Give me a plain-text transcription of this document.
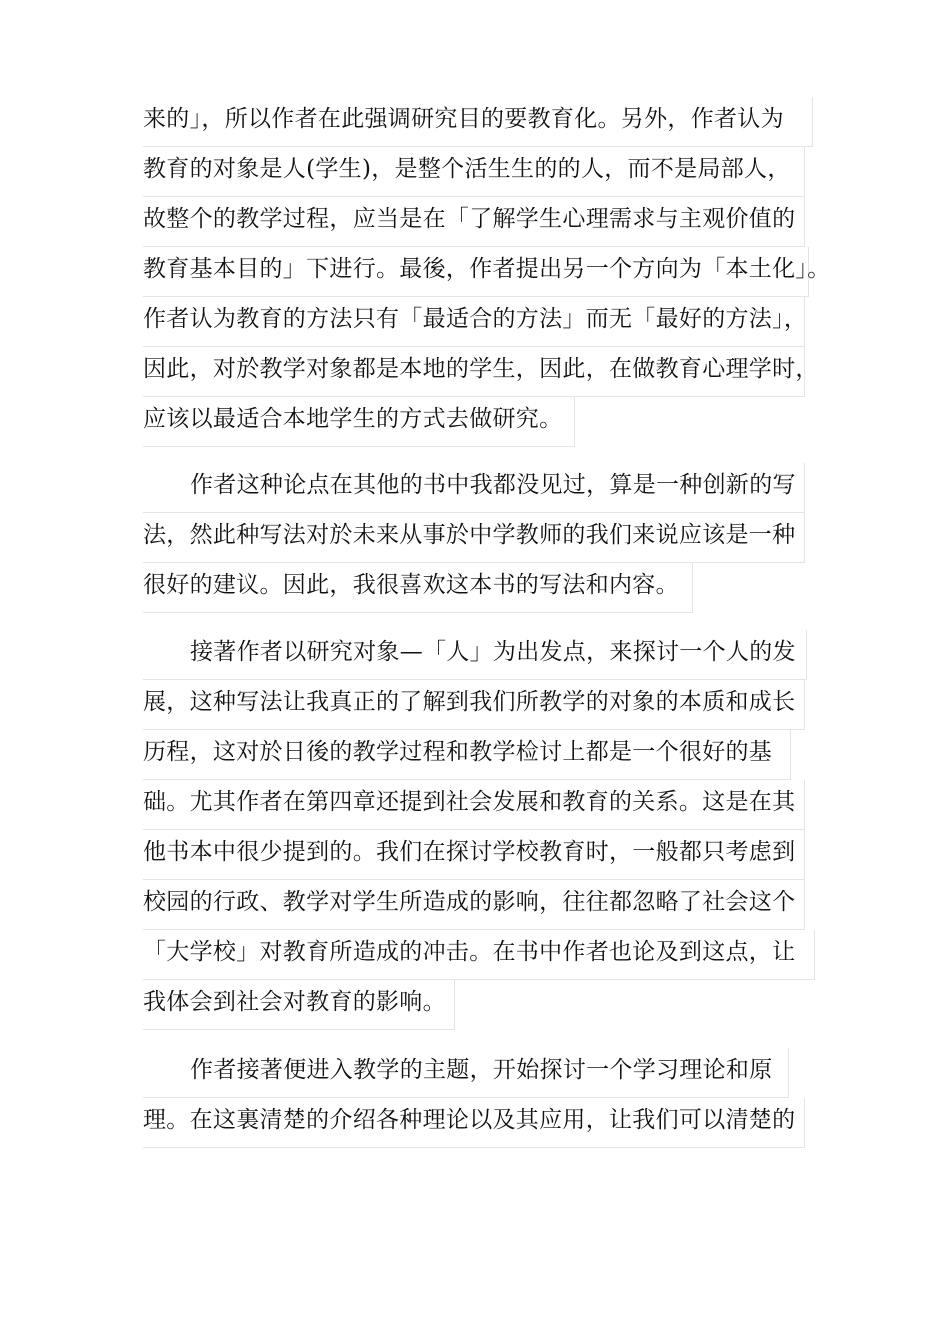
来的」，所以作者在此强调研究目的要教育化。另外，作者认为
教育的对象是人(学生)，是整个活生生的的人，而不是局部人，
故整个的教学过程，应当是在「了解学生心理需求与主观价值的
教育基本目的」下进行。最後，作者提出另一个方向为「本土化」。
作者认为教育的方法只有「最适合的方法」而无「最好的方法」，
因此，对於教学对象都是本地的学生，因此，在做教育心理学时，
应该以最适合本地学生的方式去做研究。
作者这种论点在其他的书中我都没见过，算是一种创新的写
法，然此种写法对於未来从事於中学教师的我们来说应该是一种
很好的建议。因此，我很喜欢这本书的写法和内容。
接著作者以研究对象—「人」为出发点，来探讨一个人的发
展，这种写法让我真正的了解到我们所教学的对象的本质和成长
历程，这对於日後的教学过程和教学检讨上都是一个很好的基
础。尤其作者在第四章还提到社会发展和教育的关系。这是在其
他书本中很少提到的。我们在探讨学校教育时，一般都只考虑到
校园的行政、教学对学生所造成的影响，往往都忽略了社会这个
「大学校」对教育所造成的冲击。在书中作者也论及到这点，让
我体会到社会对教育的影响。
作者接著便进入教学的主题，开始探讨一个学习理论和原
理。在这裏清楚的介绍各种理论以及其应用，让我们可以清楚的
